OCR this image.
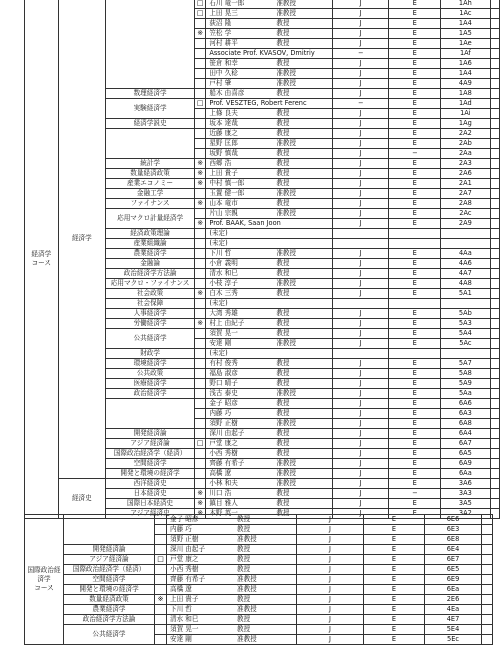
経済学
コース	経済学		□	石川 竜一郎 准教授	J	E	1Ah	
			□	上田 晃三 准教授	J	E	1Ac	
				荻沼 隆 教授	J	E	1A4	
			※	笠松 学 教授	J	E	1A5	
				河村 耕平 教授	J	E	1Ae	
				Associate Prof. KVASOV, Dmitriy	−	E	1Af	
				笹倉 和幸 教授	J	E	1A6	
				田中 久稔 准教授	J	E	1A4	
				戸村 肇 准教授	J	E	4A9	
		数理経済学		船木 由喜彦 教授	J	E	1A8	
		実験経済学	□	Prof. VESZTEG, Robert Ferenc	−	E	1Ad	
				上條 良夫 教授	J	E	1Ai	
		経済学説史		坂本 達哉 教授	J	E	1Ag	
				近藤 康之 教授	J	E	2A2	
				星野 匡郎 准教授	J	E	2Ab	
				坂野 慎哉 教授	J	−	2Aa	
		統計学	※	西郷 浩 教授	J	E	2A3	
		数量経済政策	※	上田 貴子 教授	J	E	2A6	
		産業エコノミー	※	中村 慎一郎 教授	J	E	2A1	
		金融工学		玉置 健一郎 准教授	J	E	2A7	
		ファイナンス	※	山本 竜市 教授	J	E	2A8	
		応用マクロ計量経済学		片山 宗親 准教授	J	E	2Ac	
			※	Prof. BAAK, Saan Joon	J	E	2A9	
		経済政策理論		(未定)

		産業組織論		(未定)

		農業経済学		下川 哲 准教授	J	E	4Aa	
		金融論		小倉 義明 教授	J	E	4A6	
		政治経済学方法論		清水 和巳 教授	J	E	4A7	
		応用マクロ・ファイナンス		小枝 淳子 准教授	J	E	4A8	
		社会政策	※	白木 三秀 教授	J	E	5A1	
		社会保障		(未定)

		人事経済学		大湾 秀雄 教授	J	E	5Ab	
		労働経済学	※	村上 由紀子 教授	J	E	5A3	
		公共経済学		須賀 晃一 教授	J	E	5A4	
				安達 剛 准教授	J	E	5Ac	
		財政学		(未定)

		環境経済学		有村 俊秀 教授	J	E	5A7	
		公共政策		福島 淑彦 教授	J	E	5A8	
		医療経済学		野口 晴子 教授	J	E	5A9	
		政治経済学		浅古 泰史 准教授	J	E	5Aa	
				金子 昭彦 教授	J	E	6A6	
				内藤 巧 教授	J	E	6A3	
				須野 正樹 准教授	J	E	6A8	
		開発経済論		深川 由起子 教授	J	E	6A4	
		アジア経済論	□	戸堂 康之 教授	J	E	6A7	
		国際政治経済学（経済）		小西 秀樹 教授	J	E	6A5	
		空間経済学		齊藤 有希子 准教授	J	E	6A9	
		開発と環境の経済学		高橋 遼 准教授	J	E	6Aa	
	経済史	西洋経済史		小林 和夫 准教授	J	E	3A6	
		日本経済史	※	川口 浩 教授	J	−	3A3	
		国際日本経済史	※	鎮目 雅人 教授	J	E	3A5	
		アジア経済史	※	本野 英一 教授	J	E	3A2	
国際政治経済学
コース			金子 昭彦 教授	J	E	6E6	
			内藤 巧 教授	J	E	6E3	
			須野 正樹 准教授	J	E	6E8	
	開発経済論		深川 由起子 教授	J	E	6E4	
	アジア経済論	□	戸堂 康之 教授	J	E	6E7	
	国際政治経済学（経済）		小西 秀樹 教授	J	E	6E5	
	空間経済学		齊藤 有希子 准教授	J	E	6E9	
	開発と環境の経済学		高橋 遼 准教授	J	E	6Ea	
	数量経済政策	※	上田 貴子 教授	J	E	2E6	
	農業経済学		下川 哲 准教授	J	E	4Ea	
	政治経済学方法論		清水 和巳 教授	J	E	4E7	
	公共経済学		須賀 晃一 教授	J	E	5E4	
			安達 剛 准教授	J	E	5Ec	
